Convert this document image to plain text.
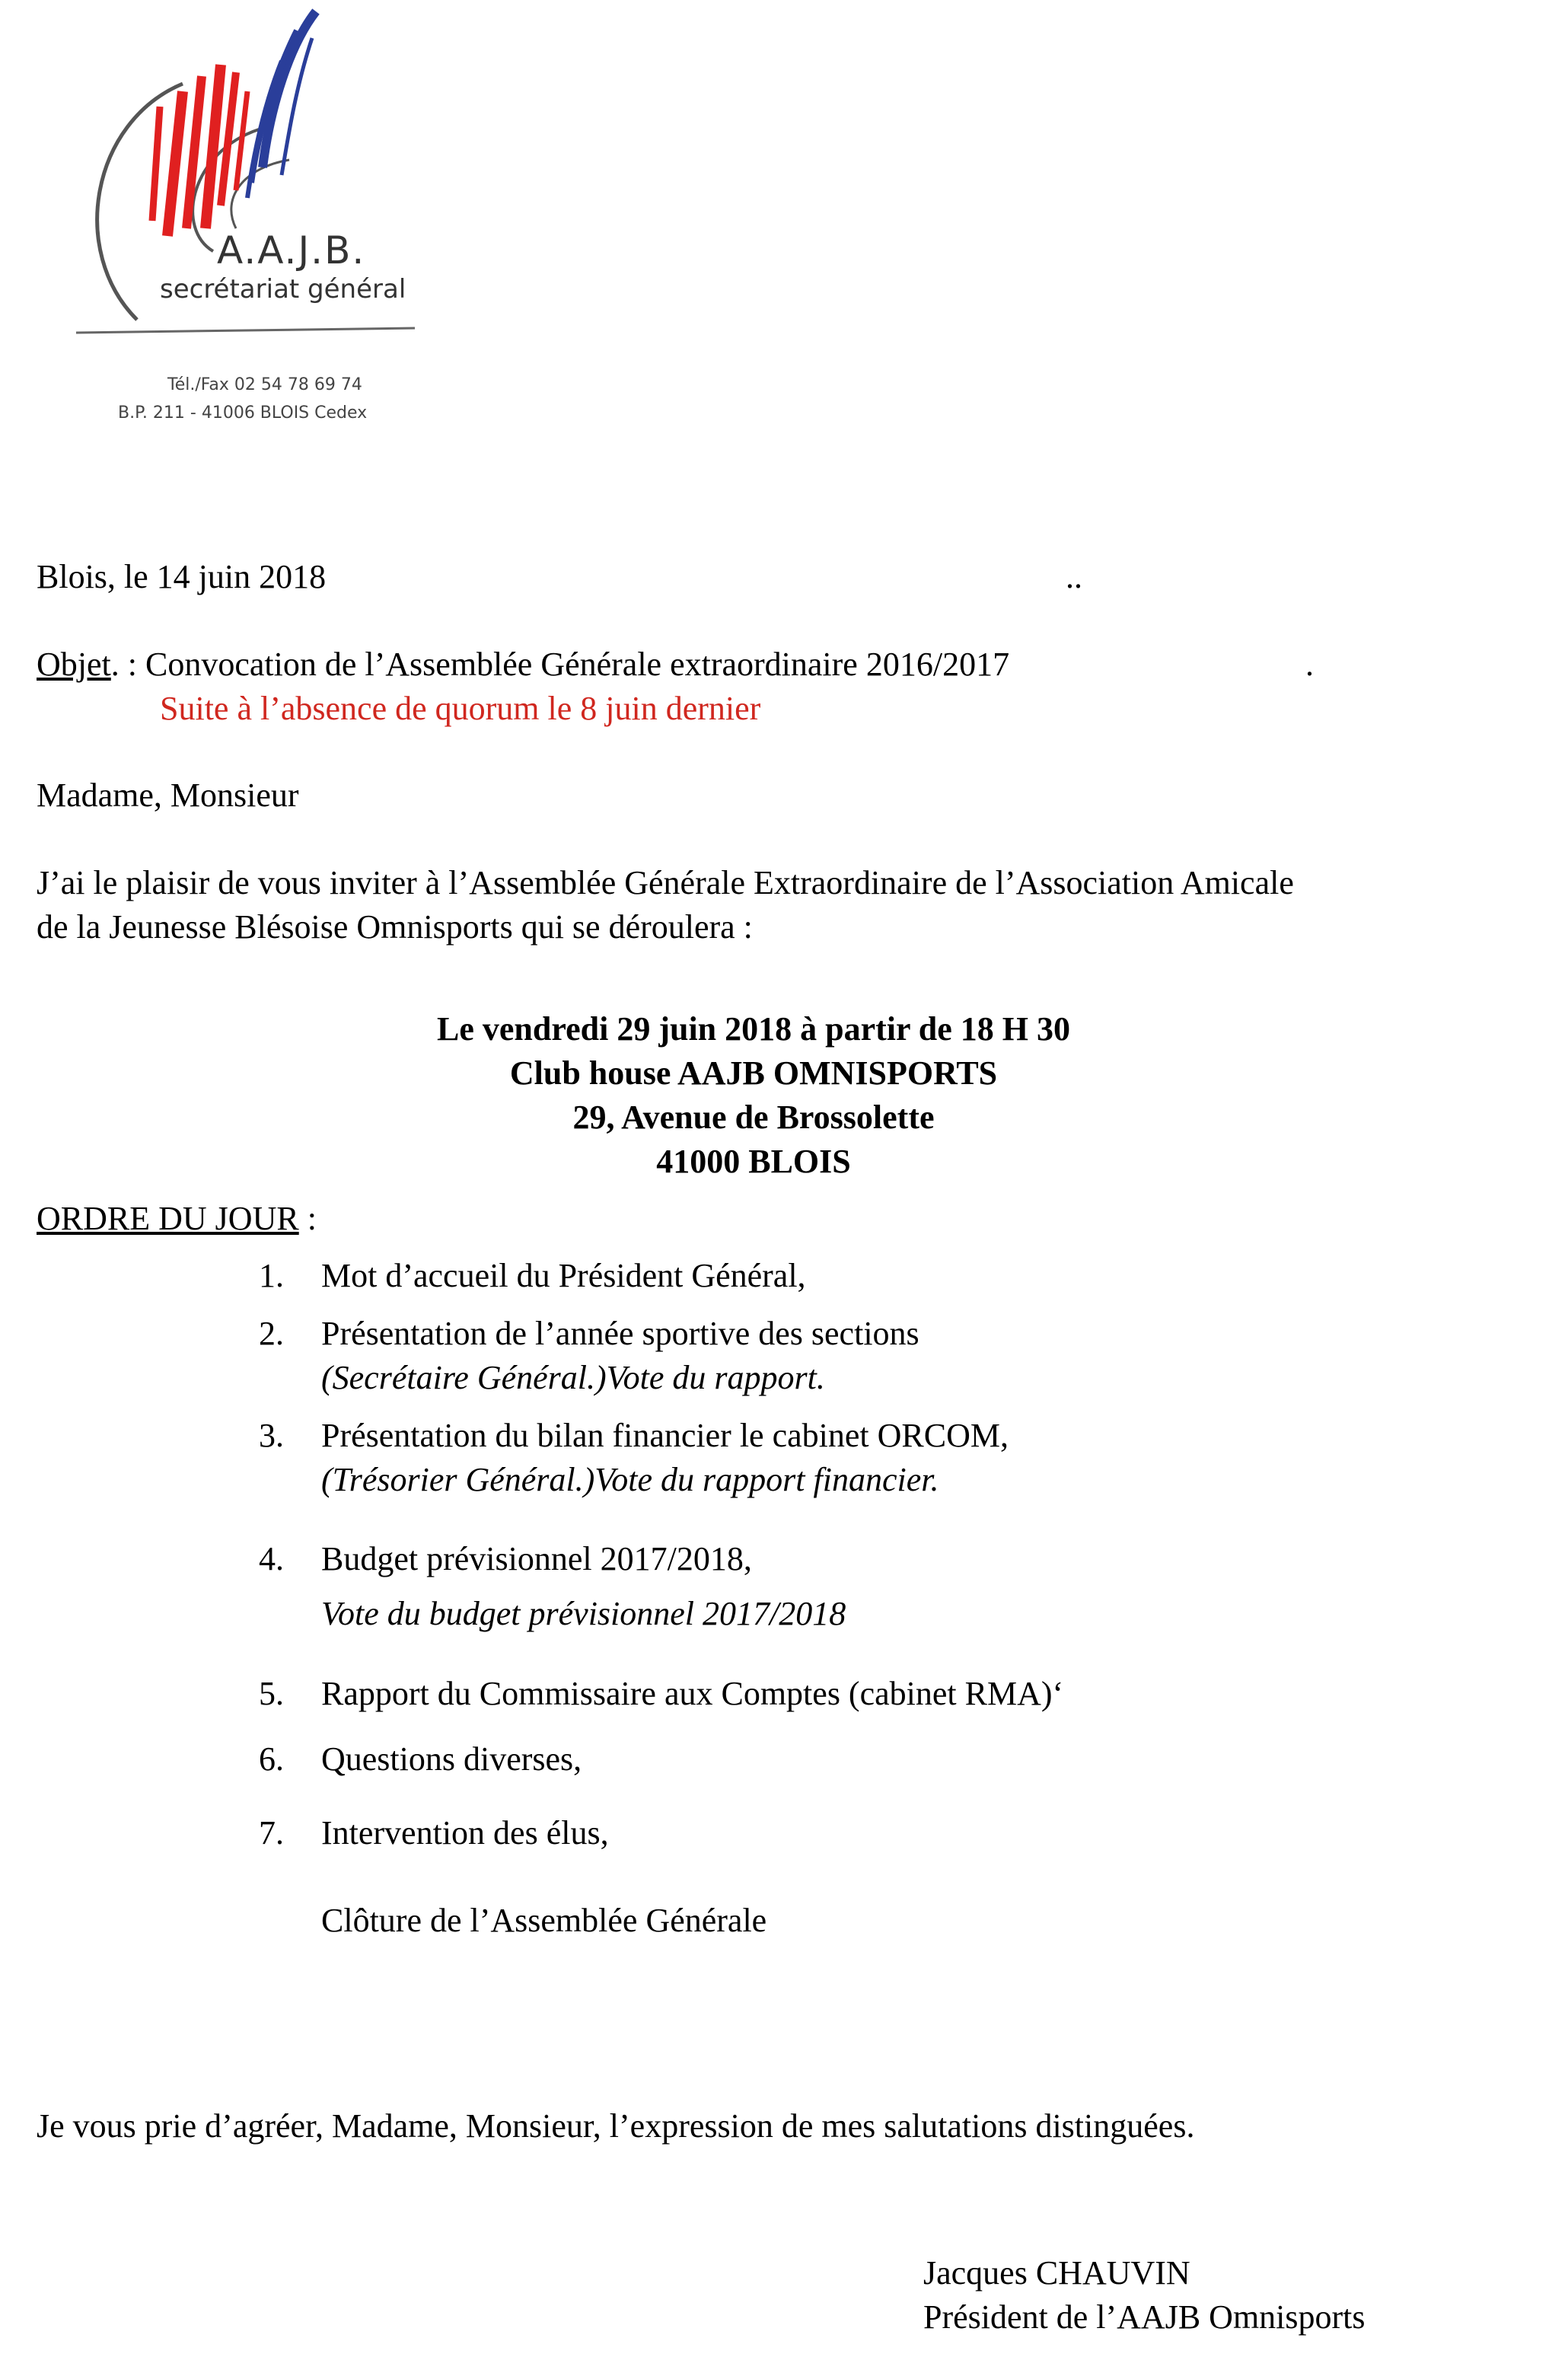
A.A.J.B.
secrétariat général
Tél./Fax 02 54 78 69 74
B.P. 211 - 41006 BLOIS Cedex
Blois, le 14 juin 2018	..
Objet. : Convocation de l’Assemblée Générale extraordinaire 2016/2017	.
Suite à l’absence de quorum le 8 juin dernier
Madame, Monsieur
J’ai le plaisir de vous inviter à l’Assemblée Générale Extraordinaire de l’Association Amicale
de la Jeunesse Blésoise Omnisports qui se déroulera :
Le vendredi 29 juin 2018 à partir de 18 H 30
Club house AAJB OMNISPORTS
29, Avenue de Brossolette
41000 BLOIS
ORDRE DU JOUR :
1. Mot d’accueil du Président Général,
2. Présentation de l’année sportive des sections
(Secrétaire Général.)Vote du rapport.
3. Présentation du bilan financier le cabinet ORCOM,
(Trésorier Général.)Vote du rapport financier.
4. Budget prévisionnel 2017/2018,
Vote du budget prévisionnel 2017/2018
5. Rapport du Commissaire aux Comptes (cabinet RMA)‘
6. Questions diverses,
7. Intervention des élus,
Clôture de l’Assemblée Générale
Je vous prie d’agréer, Madame, Monsieur, l’expression de mes salutations distinguées.
Jacques CHAUVIN
Président de l’AAJB Omnisports
